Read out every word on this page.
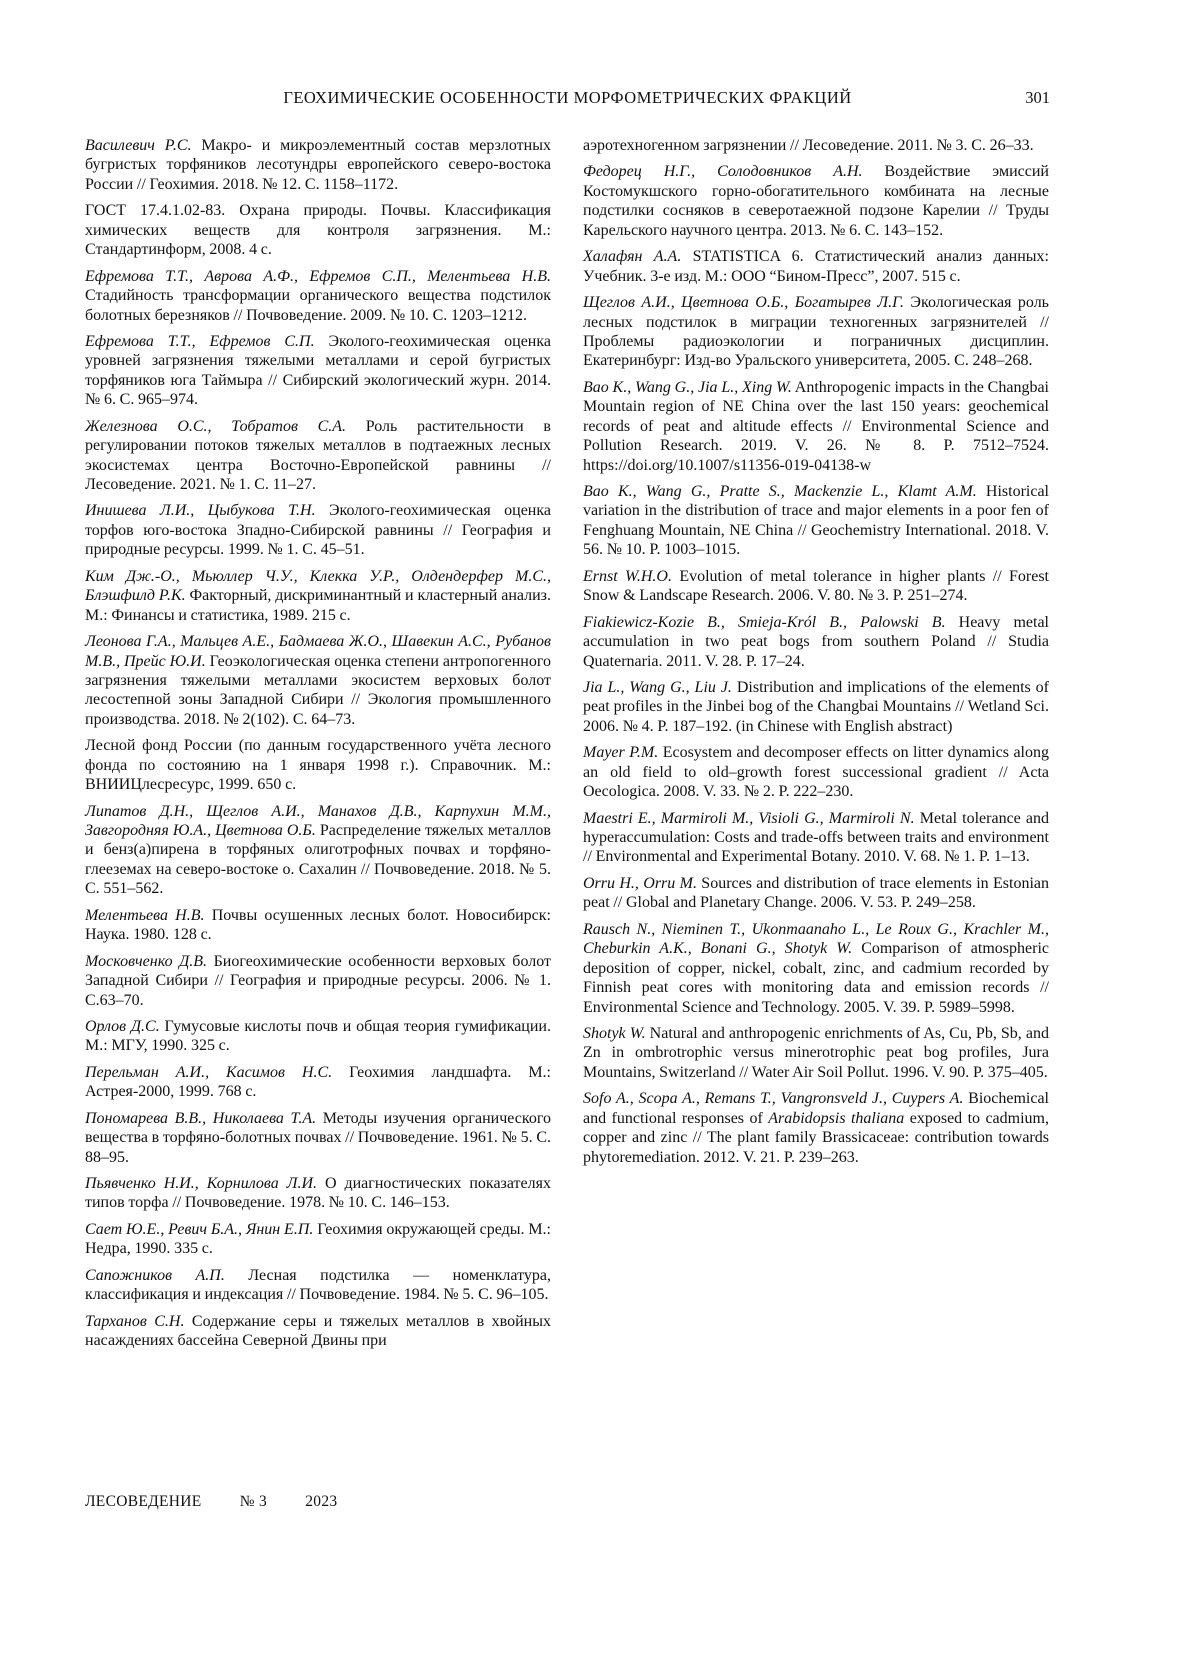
ГЕОХИМИЧЕСКИЕ ОСОБЕННОСТИ МОРФОМЕТРИЧЕСКИХ ФРАКЦИЙ	301

Василевич Р.С. Макро- и микроэлементный состав мерзлотных бугристых торфяников лесотундры европейского северо-востока России // Геохимия. 2018. № 12. С. 1158–1172.

ГОСТ 17.4.1.02-83. Охрана природы. Почвы. Классификация химических веществ для контроля загрязнения. М.: Стандартинформ, 2008. 4 с.

Ефремова Т.Т., Аврова А.Ф., Ефремов С.П., Мелентьева Н.В. Стадийность трансформации органического вещества подстилок болотных березняков // Почвоведение. 2009. № 10. С. 1203–1212.

Ефремова Т.Т., Ефремов С.П. Эколого-геохимическая оценка уровней загрязнения тяжелыми металлами и серой бугристых торфяников юга Таймыра // Сибирский экологический журн. 2014. № 6. С. 965–974.

Железнова О.С., Тобратов С.А. Роль растительности в регулировании потоков тяжелых металлов в подтаежных лесных экосистемах центра Восточно-Европейской равнины // Лесоведение. 2021. № 1. С. 11–27.

Инишева Л.И., Цыбукова Т.Н. Эколого-геохимическая оценка торфов юго-востока Зпадно-Сибирской равнины // География и природные ресурсы. 1999. № 1. С. 45–51.

Ким Дж.-О., Мьюллер Ч.У., Клекка У.Р., Олдендерфер М.С., Блэшфилд Р.К. Факторный, дискриминантный и кластерный анализ. М.: Финансы и статистика, 1989. 215 с.

Леонова Г.А., Мальцев А.Е., Бадмаева Ж.О., Шавекин А.С., Рубанов М.В., Прейс Ю.И. Геоэкологическая оценка степени антропогенного загрязнения тяжелыми металлами экосистем верховых болот лесостепной зоны Западной Сибири // Экология промышленного производства. 2018. № 2(102). С. 64–73.

Лесной фонд России (по данным государственного учёта лесного фонда по состоянию на 1 января 1998 г.). Справочник. М.: ВНИИЦлесресурс, 1999. 650 с.

Липатов Д.Н., Щеглов А.И., Манахов Д.В., Карпухин М.М., Завгородняя Ю.А., Цветнова О.Б. Распределение тяжелых металлов и бенз(а)пирена в торфяных олиготрофных почвах и торфяно-глееземах на северо-востоке о. Сахалин // Почвоведение. 2018. № 5. С. 551–562.

Мелентьева Н.В. Почвы осушенных лесных болот. Новосибирск: Наука. 1980. 128 с.

Московченко Д.В. Биогеохимические особенности верховых болот Западной Сибири // География и природные ресурсы. 2006. № 1. С.63–70.

Орлов Д.С. Гумусовые кислоты почв и общая теория гумификации. М.: МГУ, 1990. 325 с.

Перельман А.И., Касимов Н.С. Геохимия ландшафта. М.: Астрея-2000, 1999. 768 с.

Пономарева В.В., Николаева Т.А. Методы изучения органического вещества в торфяно-болотных почвах // Почвоведение. 1961. № 5. С. 88–95.

Пьявченко Н.И., Корнилова Л.И. О диагностических показателях типов торфа // Почвоведение. 1978. № 10. С. 146–153.

Сает Ю.Е., Ревич Б.А., Янин Е.П. Геохимия окружающей среды. М.: Недра, 1990. 335 с.

Сапожников А.П. Лесная подстилка — номенклатура, классификация и индексация // Почвоведение. 1984. № 5. С. 96–105.

Тарханов С.Н. Содержание серы и тяжелых металлов в хвойных насаждениях бассейна Северной Двины при

аэротехногенном загрязнении // Лесоведение. 2011. № 3. С. 26–33.

Федорец Н.Г., Солодовников А.Н. Воздействие эмиссий Костомукшского горно-обогатительного комбината на лесные подстилки сосняков в северотаежной подзоне Карелии // Труды Карельского научного центра. 2013. № 6. С. 143–152.

Халафян А.А. STATISTICA 6. Статистический анализ данных: Учебник. 3-е изд. М.: ООО “Бином-Пресс”, 2007. 515 с.

Щеглов А.И., Цветнова О.Б., Богатырев Л.Г. Экологическая роль лесных подстилок в миграции техногенных загрязнителей // Проблемы радиоэкологии и пограничных дисциплин. Екатеринбург: Изд-во Уральского университета, 2005. С. 248–268.

Bao K., Wang G., Jia L., Xing W. Anthropogenic impacts in the Changbai Mountain region of NE China over the last 150 years: geochemical records of peat and altitude effects // Environmental Science and Pollution Research. 2019. V. 26. № 8. P. 7512–7524. https://doi.org/10.1007/s11356-019-04138-w

Bao K., Wang G., Pratte S., Mackenzie L., Klamt A.M. Historical variation in the distribution of trace and major elements in a poor fen of Fenghuang Mountain, NE China // Geochemistry International. 2018. V. 56. № 10. P. 1003–1015.

Ernst W.H.O. Evolution of metal tolerance in higher plants // Forest Snow & Landscape Research. 2006. V. 80. № 3. P. 251–274.

Fiakiewicz-Kozie B., Smieja-Król B., Palowski B. Heavy metal accumulation in two peat bogs from southern Poland // Studia Quaternaria. 2011. V. 28. P. 17–24.

Jia L., Wang G., Liu J. Distribution and implications of the elements of peat profiles in the Jinbei bog of the Changbai Mountains // Wetland Sci. 2006. № 4. P. 187–192. (in Chinese with English abstract)

Mayer P.M. Ecosystem and decomposer effects on litter dynamics along an old field to old–growth forest successional gradient // Acta Oecologica. 2008. V. 33. № 2. P. 222–230.

Maestri E., Marmiroli M., Visioli G., Marmiroli N. Metal tolerance and hyperaccumulation: Costs and trade-offs between traits and environment // Environmental and Experimental Botany. 2010. V. 68. № 1. P. 1–13.

Orru H., Orru M. Sources and distribution of trace elements in Estonian peat // Global and Planetary Change. 2006. V. 53. P. 249–258.

Rausch N., Nieminen T., Ukonmaanaho L., Le Roux G., Krachler M., Cheburkin A.K., Bonani G., Shotyk W. Comparison of atmospheric deposition of copper, nickel, cobalt, zinc, and cadmium recorded by Finnish peat cores with monitoring data and emission records // Environmental Science and Technology. 2005. V. 39. P. 5989–5998.

Shotyk W. Natural and anthropogenic enrichments of As, Cu, Pb, Sb, and Zn in ombrotrophic versus minerotrophic peat bog profiles, Jura Mountains, Switzerland // Water Air Soil Pollut. 1996. V. 90. P. 375–405.

Sofo A., Scopa A., Remans T., Vangronsveld J., Cuypers A. Biochemical and functional responses of Arabidopsis thaliana exposed to cadmium, copper and zinc // The plant family Brassicaceae: contribution towards phytoremediation. 2012. V. 21. P. 239–263.

ЛЕСОВЕДЕНИЕ № 3 2023
